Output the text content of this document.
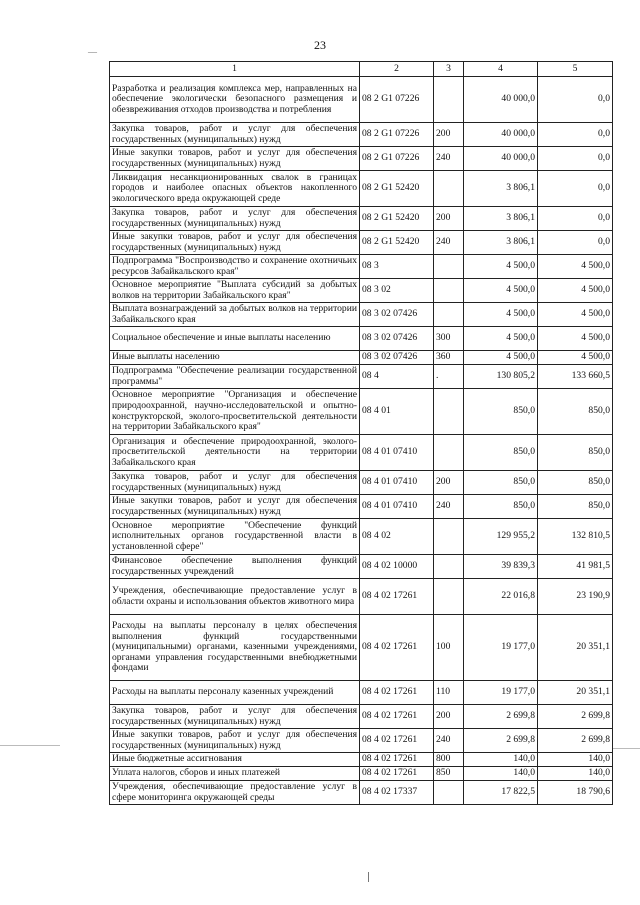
23
__
1	2	3	4	5
Разработка и реализация комплекса мер, направленных на обеспечение экологически безопасного размещения и обезвреживания отходов производства и потребления	08 2 G1 07226		40 000,0	0,0
Закупка товаров, работ и услуг для обеспечения государственных (муниципальных) нужд	08 2 G1 07226	200	40 000,0	0,0
Иные закупки товаров, работ и услуг для обеспечения государственных (муниципальных) нужд	08 2 G1 07226	240	40 000,0	0,0
Ликвидация несанкционированных свалок в границах городов и наиболее опасных объектов накопленного экологического вреда окружающей среде	08 2 G1 52420		3 806,1	0,0
Закупка товаров, работ и услуг для обеспечения государственных (муниципальных) нужд	08 2 G1 52420	200	3 806,1	0,0
Иные закупки товаров, работ и услуг для обеспечения государственных (муниципальных) нужд	08 2 G1 52420	240	3 806,1	0,0
Подпрограмма "Воспроизводство и сохранение охотничьих ресурсов Забайкальского края"	08 3		4 500,0	4 500,0
Основное мероприятие "Выплата субсидий за добытых волков на территории Забайкальского края"	08 3 02		4 500,0	4 500,0
Выплата вознаграждений за добытых волков на территории Забайкальского края	08 3 02 07426		4 500,0	4 500,0
Социальное обеспечение и иные выплаты населению	08 3 02 07426	300	4 500,0	4 500,0
Иные выплаты населению	08 3 02 07426	360	4 500,0	4 500,0
Подпрограмма "Обеспечение реализации государственной программы"	08 4	.	130 805,2	133 660,5
Основное мероприятие "Организация и обеспечение природоохранной, научно-исследовательской и опытно-конструкторской, эколого-просветительской деятельности на территории Забайкальского края"	08 4 01		850,0	850,0
Организация и обеспечение природоохранной, эколого-просветительской деятельности на территории Забайкальского края	08 4 01 07410		850,0	850,0
Закупка товаров, работ и услуг для обеспечения государственных (муниципальных) нужд	08 4 01 07410	200	850,0	850,0
Иные закупки товаров, работ и услуг для обеспечения государственных (муниципальных) нужд	08 4 01 07410	240	850,0	850,0
Основное мероприятие "Обеспечение функций исполнительных органов государственной власти в установленной сфере"	08 4 02		129 955,2	132 810,5
Финансовое обеспечение выполнения функций государственных учреждений	08 4 02 10000		39 839,3	41 981,5
Учреждения, обеспечивающие предоставление услуг в области охраны и использования объектов животного мира	08 4 02 17261		22 016,8	23 190,9
Расходы на выплаты персоналу в целях обеспечения выполнения функций государственными (муниципальными) органами, казенными учреждениями, органами управления государственными внебюджетными фондами	08 4 02 17261	100	19 177,0	20 351,1
Расходы на выплаты персоналу казенных учреждений	08 4 02 17261	110	19 177,0	20 351,1
Закупка товаров, работ и услуг для обеспечения государственных (муниципальных) нужд	08 4 02 17261	200	2 699,8	2 699,8
Иные закупки товаров, работ и услуг для обеспечения государственных (муниципальных) нужд	08 4 02 17261	240	2 699,8	2 699,8
Иные бюджетные ассигнования	08 4 02 17261	800	140,0	140,0
Уплата налогов, сборов и иных платежей	08 4 02 17261	850	140,0	140,0
Учреждения, обеспечивающие предоставление услуг в сфере мониторинга окружающей среды	08 4 02 17337		17 822,5	18 790,6
